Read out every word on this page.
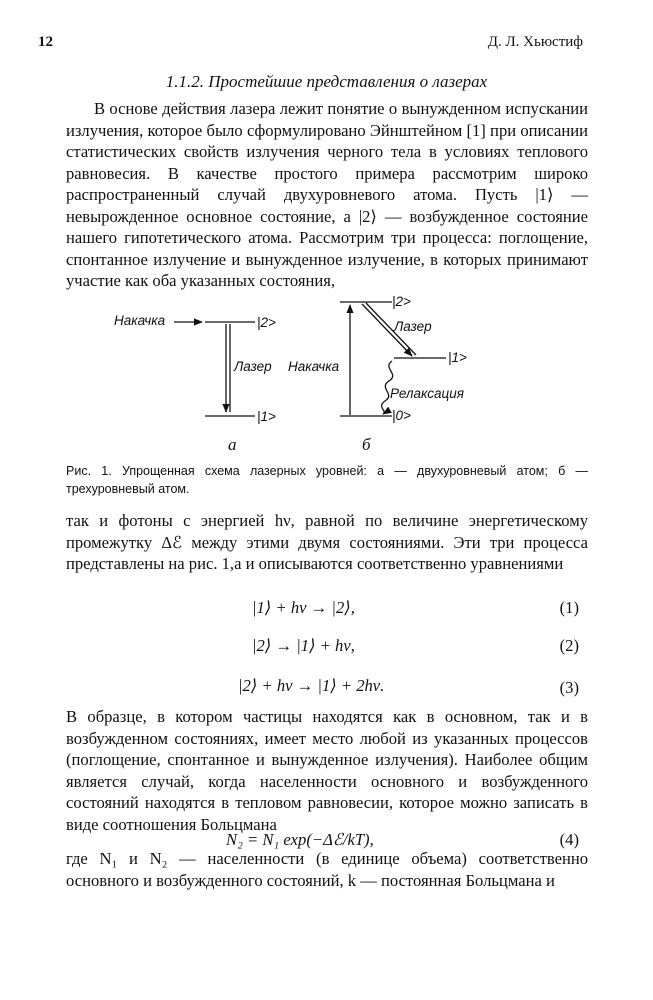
12	Д. Л. Хьюстиф
1.1.2. Простейшие представления о лазерах

В основе действия лазера лежит понятие о вынужденном испускании излучения, которое было сформулировано Эйнштейном [1] при описании статистических свойств излучения черного тела в условиях теплового равновесия. В качестве простого примера рассмотрим широко распространенный случай двухуровневого атома. Пусть |1⟩ — невырожденное основное состояние, а |2⟩ — возбужденное состояние нашего гипотетического атома. Рассмотрим три процесса: поглощение, спонтанное излучение и вынужденное излучение, в которых принимают участие как оба указанных состояния,

Накачка	|2>
Лазер
|1>
а
|2>
Накачка
Лазер
|1>
Релаксация
|0>
б

Рис. 1. Упрощенная схема лазерных уровней: а — двухуровневый атом; б — трехуровневый атом.

так и фотоны с энергией hν, равной по величине энергетическому промежутку Δℰ между этими двумя состояниями. Эти три процесса представлены на рис. 1,а и описываются соответственно уравнениями

|1⟩ + hν → |2⟩,	(1)
|2⟩ → |1⟩ + hν,	(2)
|2⟩ + hν → |1⟩ + 2hν.	(3)

В образце, в котором частицы находятся как в основном, так и в возбужденном состояниях, имеет место любой из указанных процессов (поглощение, спонтанное и вынужденное излучения). Наиболее общим является случай, когда населенности основного и возбужденного состояний находятся в тепловом равновесии, которое можно записать в виде соотношения Больцмана

N₂ = N₁ exp(−Δℰ/kT),	(4)

где N₁ и N₂ — населенности (в единице объема) соответственно основного и возбужденного состояний, k — постоянная Больцмана и
